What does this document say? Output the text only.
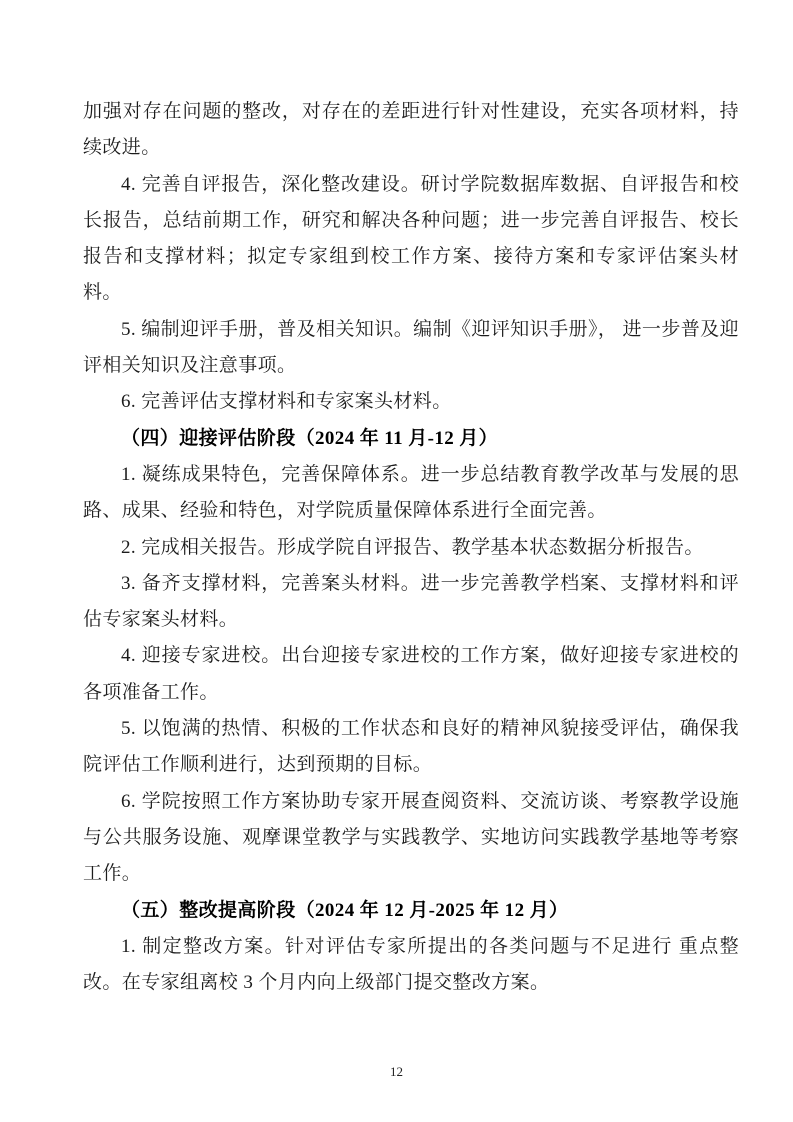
加强对存在问题的整改，对存在的差距进行针对性建设，充实各项材料，持续改进。

4. 完善自评报告，深化整改建设。研讨学院数据库数据、自评报告和校长报告，总结前期工作，研究和解决各种问题；进一步完善自评报告、校长报告和支撑材料；拟定专家组到校工作方案、接待方案和专家评估案头材料。

5. 编制迎评手册，普及相关知识。编制《迎评知识手册》， 进一步普及迎评相关知识及注意事项。

6. 完善评估支撑材料和专家案头材料。

（四）迎接评估阶段（2024 年 11 月-12 月）

1. 凝练成果特色，完善保障体系。进一步总结教育教学改革与发展的思路、成果、经验和特色，对学院质量保障体系进行全面完善。

2. 完成相关报告。形成学院自评报告、教学基本状态数据分析报告。

3. 备齐支撑材料，完善案头材料。进一步完善教学档案、支撑材料和评估专家案头材料。

4. 迎接专家进校。出台迎接专家进校的工作方案，做好迎接专家进校的各项准备工作。

5. 以饱满的热情、积极的工作状态和良好的精神风貌接受评估，确保我院评估工作顺利进行，达到预期的目标。

6. 学院按照工作方案协助专家开展查阅资料、交流访谈、考察教学设施与公共服务设施、观摩课堂教学与实践教学、实地访问实践教学基地等考察工作。

（五）整改提高阶段（2024 年 12 月-2025 年 12 月）

1. 制定整改方案。针对评估专家所提出的各类问题与不足进行 重点整改。在专家组离校 3 个月内向上级部门提交整改方案。

12
